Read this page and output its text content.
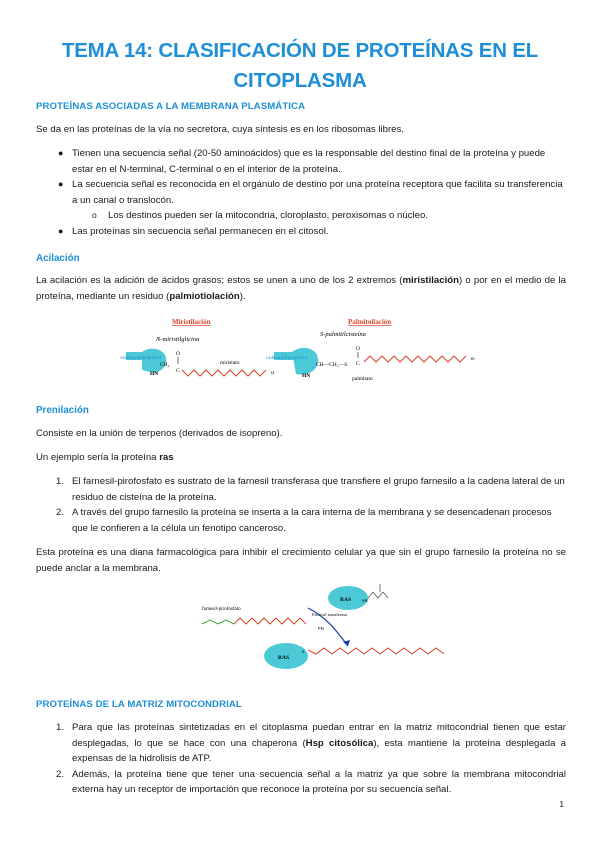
TEMA 14: CLASIFICACIÓN DE PROTEÍNAS EN EL CITOPLASMA
PROTEÍNAS ASOCIADAS A LA MEMBRANA PLASMÁTICA
Se da en las proteínas de la vía no secretora, cuya síntesis es en los ribosomas libres.
● Tienen una secuencia señal (20-50 aminoácidos) que es la responsable del destino final de la proteína y puede estar en el N-terminal, C-terminal o en el interior de la proteína.
● La secuencia señal es reconocida en el orgánulo de destino por una proteína receptora que facilita su transferencia a un canal o translocón.
o Los destinos pueden ser la mitocondria, cloroplasto, peroxisomas o núcleo.
● Las proteínas sin secuencia señal permanecen en el citosol.
Acilación
La acilación es la adición de ácidos grasos; estos se unen a uno de los 2 extremos (miristilación) o por en el medio de la proteína, mediante un residuo (palmiotiolación).
Miristilación
N-miristilglicina
cadena polipeptídica
CH₂
HN
O
C
miristato
14
Palmitoilación
S-palmitilcisteína
cadena polipeptídica
CH—CH₂—S
HN
O
C
16
palmitato
Prenilación
Consiste en la unión de terpenos (derivados de isopreno).
Un ejemplo sería la proteína ras
1. El farnesil-pirofosfato es sustrato de la farnesil transferasa que transfiere el grupo farnesilo a la cadena lateral de un residuo de cisteína de la proteína.
2. A través del grupo farnesilo la proteína se inserta a la cara interna de la membrana y se desencadenan procesos que le confieren a la célula un fenotipo canceroso.
Esta proteína es una diana farmacológica para inhibir el crecimiento celular ya que sin el grupo farnesilo la proteína no se puede anclar a la membrana.
RAS SH
farnesil-pirofosfato
Farnesil transferasa
PPi
RAS
S
PROTEÍNAS DE LA MATRIZ MITOCONDRIAL
1. Para que las proteínas sintetizadas en el citoplasma puedan entrar en la matriz mitocondrial tienen que estar desplegadas, lo que se hace con una chaperona (Hsp citosólica), esta mantiene la proteína desplegada a expensas de la hidrolisis de ATP.
2. Además, la proteína tiene que tener una secuencia señal a la matriz ya que sobre la membrana mitocondrial externa hay un receptor de importación que reconoce la proteína por su secuencia señal.
1
